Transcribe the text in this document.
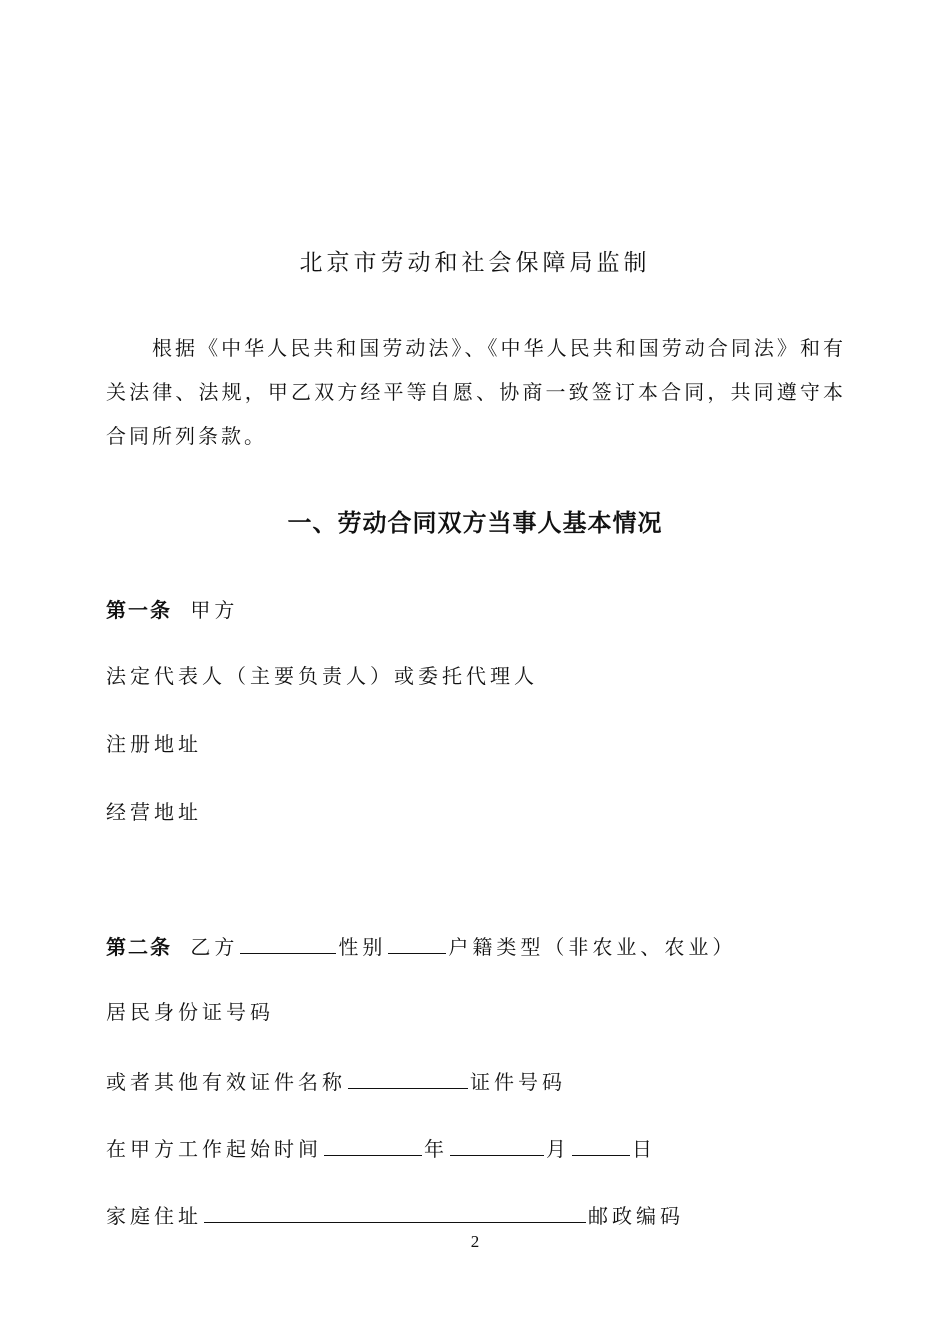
北京市劳动和社会保障局监制
根据《中华人民共和国劳动法》、《中华人民共和国劳动合同法》和有关法律、法规，甲乙双方经平等自愿、协商一致签订本合同，共同遵守本合同所列条款。
一、劳动合同双方当事人基本情况
第一条 甲方
法定代表人（主要负责人）或委托代理人
注册地址
经营地址
第二条 乙方	性别	户籍类型（非农业、农业）
居民身份证号码
或者其他有效证件名称	证件号码
在甲方工作起始时间	年	月	日
家庭住址	邮政编码
2
